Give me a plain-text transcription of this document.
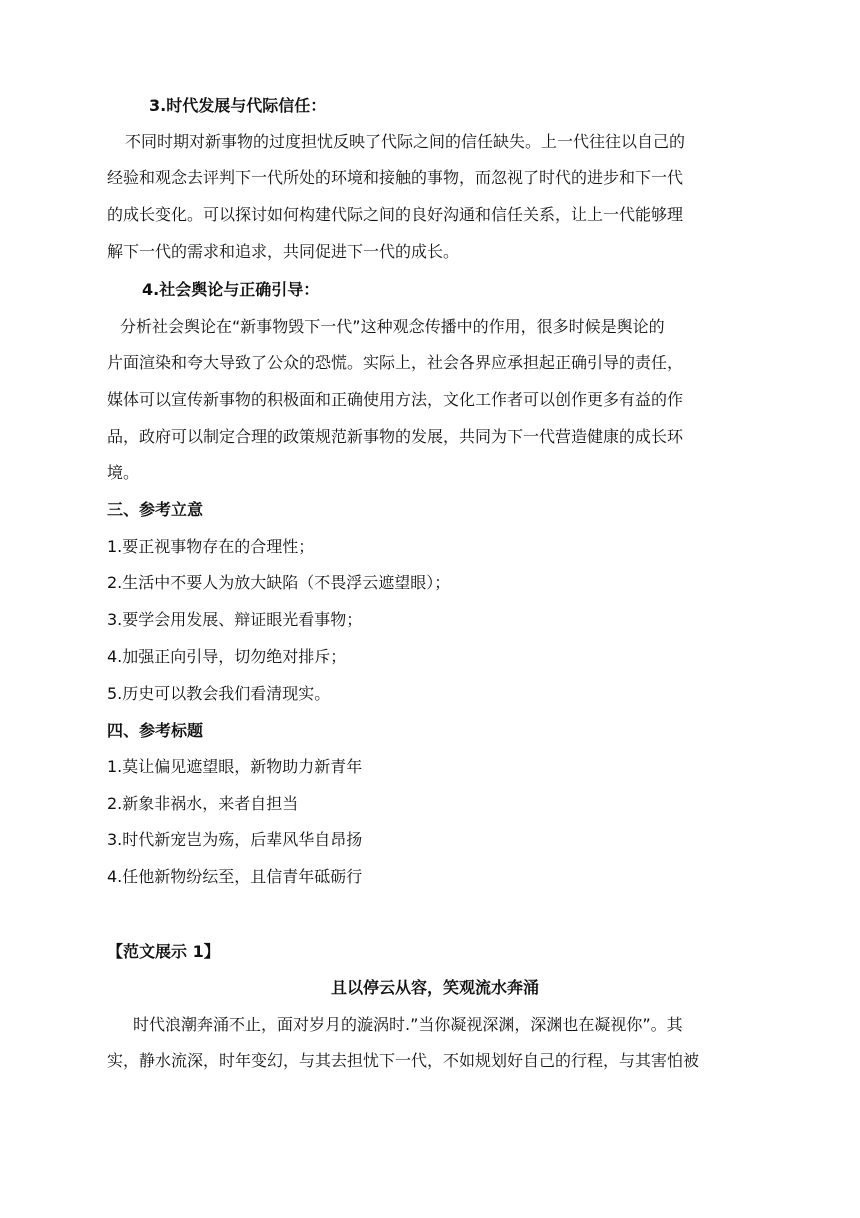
3.时代发展与代际信任：
不同时期对新事物的过度担忧反映了代际之间的信任缺失。上一代往往以自己的
经验和观念去评判下一代所处的环境和接触的事物，而忽视了时代的进步和下一代
的成长变化。可以探讨如何构建代际之间的良好沟通和信任关系，让上一代能够理
解下一代的需求和追求，共同促进下一代的成长。
4.社会舆论与正确引导：
分析社会舆论在“新事物毁下一代”这种观念传播中的作用，很多时候是舆论的
片面渲染和夸大导致了公众的恐慌。实际上，社会各界应承担起正确引导的责任，
媒体可以宣传新事物的积极面和正确使用方法，文化工作者可以创作更多有益的作
品，政府可以制定合理的政策规范新事物的发展，共同为下一代营造健康的成长环
境。
三、参考立意
1.要正视事物存在的合理性；
2.生活中不要人为放大缺陷（不畏浮云遮望眼）；
3.要学会用发展、辩证眼光看事物；
4.加强正向引导，切勿绝对排斥；
5.历史可以教会我们看清现实。
四、参考标题
1.莫让偏见遮望眼，新物助力新青年
2.新象非祸水，来者自担当
3.时代新宠岂为殇，后辈风华自昂扬
4.任他新物纷纭至，且信青年砥砺行
【范文展示 1】
且以停云从容，笑观流水奔涌
时代浪潮奔涌不止，面对岁月的漩涡时.”当你凝视深渊，深渊也在凝视你”。其
实，静水流深，时年变幻，与其去担忧下一代，不如规划好自己的行程，与其害怕被
